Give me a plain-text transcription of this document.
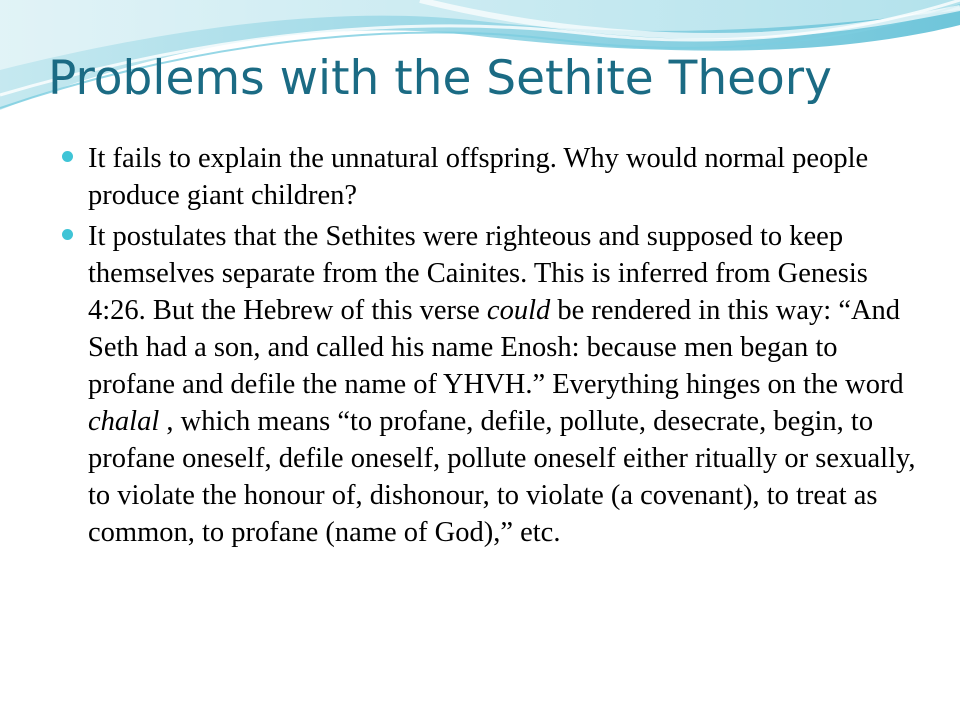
Problems with the Sethite Theory
It fails to explain the unnatural offspring. Why would normal people produce giant children?
It postulates that the Sethites were righteous and supposed to keep themselves separate from the Cainites. This is inferred from Genesis 4:26. But the Hebrew of this verse could be rendered in this way: “And Seth had a son, and called his name Enosh: because men began to profane and defile the name of YHVH.” Everything hinges on the word chalal , which means “to profane, defile, pollute, desecrate, begin, to profane oneself, defile oneself, pollute oneself either ritually or sexually, to violate the honour of, dishonour, to violate (a covenant), to treat as common, to profane (name of God),” etc.
